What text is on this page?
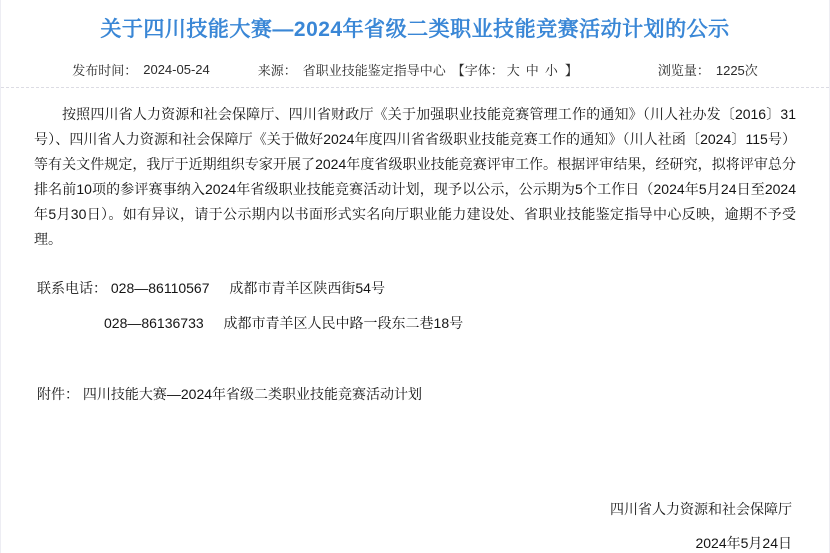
关于四川技能大赛—2024年省级二类职业技能竞赛活动计划的公示
发布时间： 2024-05-24	来源： 省职业技能鉴定指导中心 【字体： 大 中 小 】	浏览量： 1225次

按照四川省人力资源和社会保障厅、四川省财政厅《关于加强职业技能竞赛管理工作的通知》（川人社办发〔2016〕31号）、四川省人力资源和社会保障厅《关于做好2024年度四川省省级职业技能竞赛工作的通知》（川人社函〔2024〕115号）等有关文件规定，我厅于近期组织专家开展了2024年度省级职业技能竞赛评审工作。根据评审结果，经研究，拟将评审总分排名前10项的参评赛事纳入2024年省级职业技能竞赛活动计划，现予以公示，公示期为5个工作日（2024年5月24日至2024年5月30日）。如有异议，请于公示期内以书面形式实名向厅职业能力建设处、省职业技能鉴定指导中心反映，逾期不予受理。

联系电话： 028—86110567 成都市青羊区陕西街54号
028—86136733 成都市青羊区人民中路一段东二巷18号
附件： 四川技能大赛—2024年省级二类职业技能竞赛活动计划
四川省人力资源和社会保障厅
2024年5月24日
